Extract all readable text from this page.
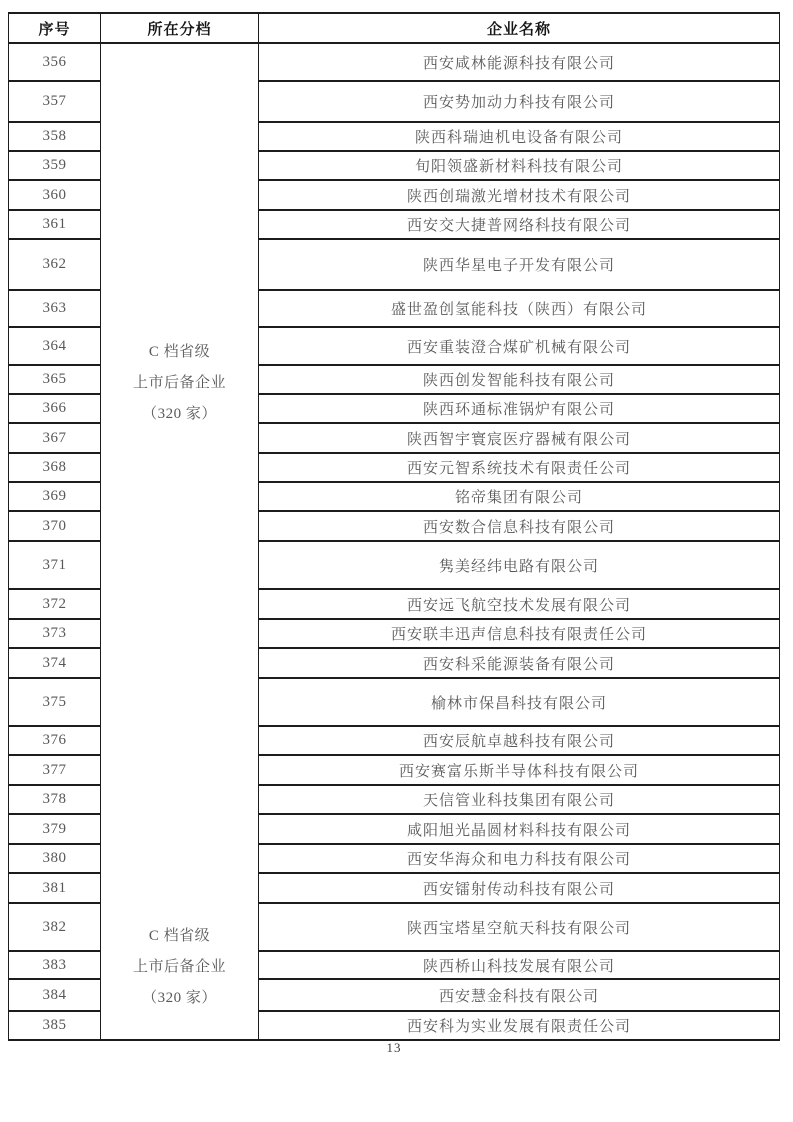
序号	所在分档	企业名称
356
357
358
359
360
361
362
363
364
365
366
367
368
369
370
371
372
373
374
375
376
377
378
379
380
381
382
383
384
385
C 档省级
上市后备企业
（320 家）
C 档省级
上市后备企业
（320 家）
西安咸林能源科技有限公司
西安势加动力科技有限公司
陕西科瑞迪机电设备有限公司
旬阳领盛新材料科技有限公司
陕西创瑞激光增材技术有限公司
西安交大捷普网络科技有限公司
陕西华星电子开发有限公司
盛世盈创氢能科技（陕西）有限公司
西安重装澄合煤矿机械有限公司
陕西创发智能科技有限公司
陕西环通标准锅炉有限公司
陕西智宇寰宸医疗器械有限公司
西安元智系统技术有限责任公司
铭帝集团有限公司
西安数合信息科技有限公司
隽美经纬电路有限公司
西安远飞航空技术发展有限公司
西安联丰迅声信息科技有限责任公司
西安科采能源装备有限公司
榆林市保昌科技有限公司
西安辰航卓越科技有限公司
西安赛富乐斯半导体科技有限公司
天信管业科技集团有限公司
咸阳旭光晶圆材料科技有限公司
西安华海众和电力科技有限公司
西安镭射传动科技有限公司
陕西宝塔星空航天科技有限公司
陕西桥山科技发展有限公司
西安慧金科技有限公司
西安科为实业发展有限责任公司
13
